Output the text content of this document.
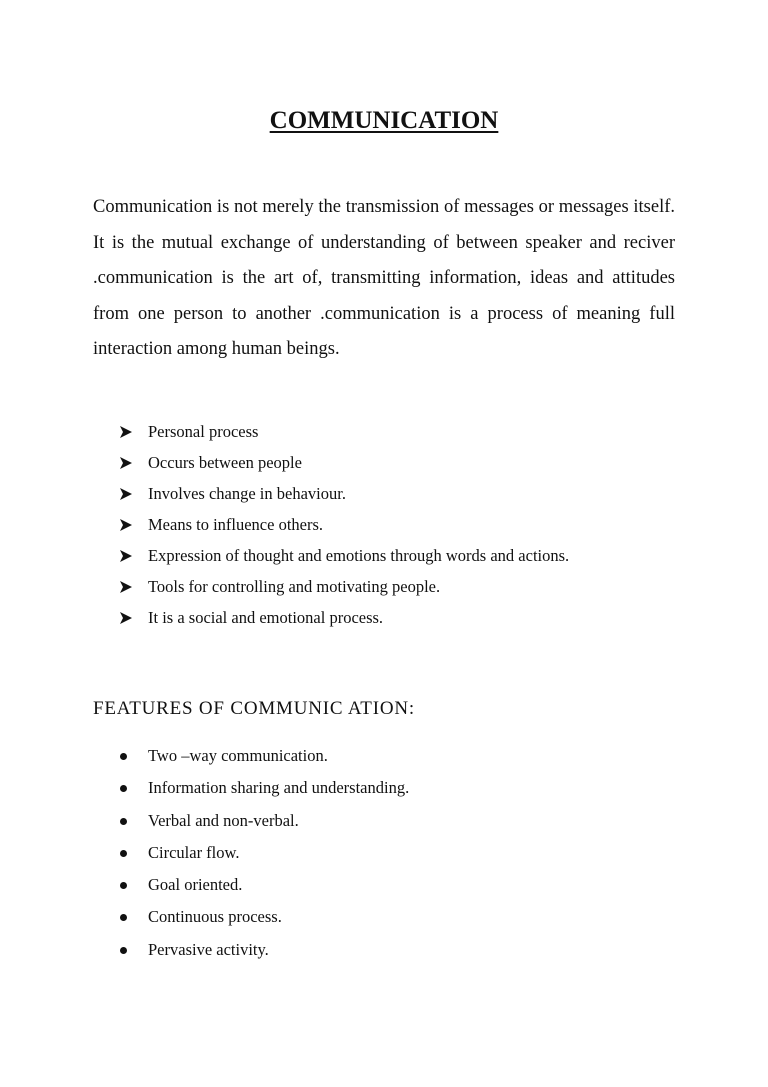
COMMUNICATION

Communication is not merely the transmission of messages or messages itself. It is the mutual exchange of understanding of between speaker and reciver .communication is the art of, transmitting information, ideas and attitudes from one person to another .communication is a process of meaning full interaction among human beings.

Personal process
Occurs between people
Involves change in behaviour.
Means to influence others.
Expression of thought and emotions through words and actions.
Tools for controlling and motivating people.
It is a social and emotional process.
FEATURES OF COMMUNIC ATION:
Two –way communication.
Information sharing and understanding.
Verbal and non-verbal.
Circular flow.
Goal oriented.
Continuous process.
Pervasive activity.
